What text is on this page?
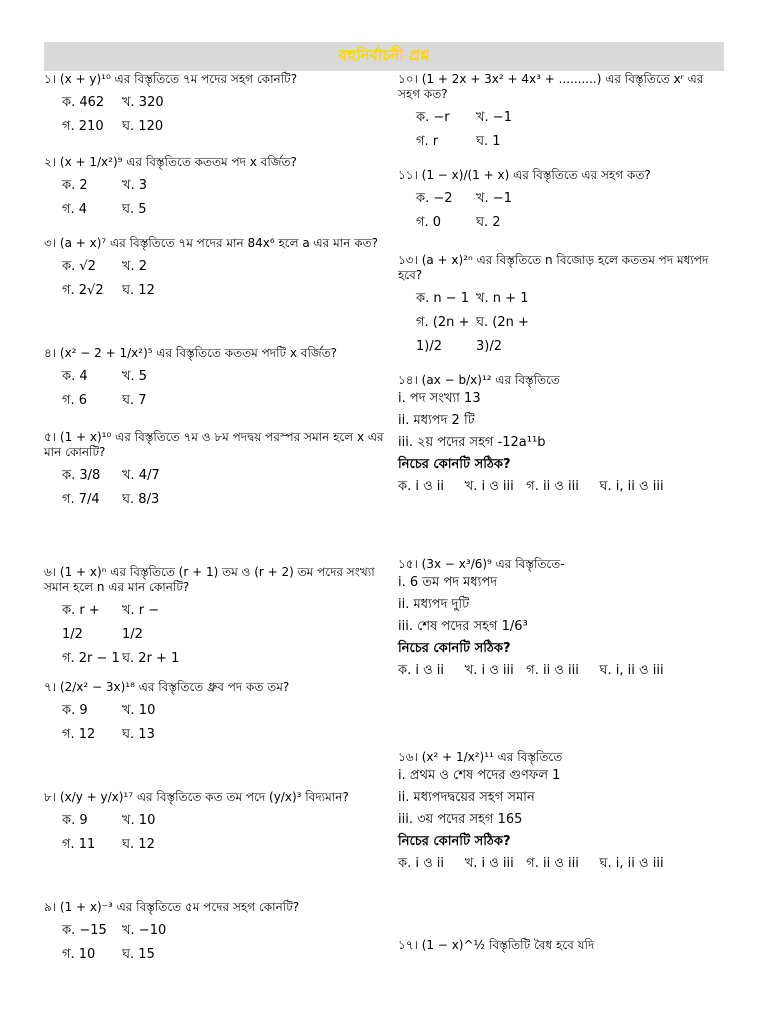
বহুনির্বাচনী প্রশ্ন

১। (x + y)¹⁰ এর বিস্তৃতিতে ৭ম পদের সহগ কোনটি?

ক. 462	খ. 320
গ. 210	ঘ. 120

২। (x + 1/x²)⁹ এর বিস্তৃতিতে কততম পদ x বর্জিত?

ক. 2	খ. 3
গ. 4	ঘ. 5

৩। (a + x)⁷ এর বিস্তৃতিতে ৭ম পদের মান 84x⁶ হলে a এর মান কত?

ক. √2	খ. 2
গ. 2√2	ঘ. 12

৪। (x² − 2 + 1/x²)⁵ এর বিস্তৃতিতে কততম পদটি x বর্জিত?

ক. 4	খ. 5
গ. 6	ঘ. 7

৫। (1 + x)¹⁰ এর বিস্তৃতিতে ৭ম ও ৮ম পদদ্বয় পরস্পর সমান হলে x এর মান কোনটি?

ক. 3/8	খ. 4/7
গ. 7/4	ঘ. 8/3

৬। (1 + x)ⁿ এর বিস্তৃতিতে (r + 1) তম ও (r + 2) তম পদের সংখ্যা সমান হলে n এর মান কোনটি?

ক. r + 1/2
খ. r − 1/2
গ. 2r − 1 ঘ. 2r + 1

৭। (2/x² − 3x)¹⁸ এর বিস্তৃতিতে ধ্রুব পদ কত তম?

ক. 9	খ. 10
গ. 12	ঘ. 13

৮। (x/y + y/x)¹⁷ এর বিস্তৃতিতে কত তম পদে (y/x)³ বিদ্যমান?

ক. 9	খ. 10
গ. 11	ঘ. 12

৯। (1 + x)⁻³ এর বিস্তৃতিতে ৫ম পদের সহগ কোনটি?

ক. −15	খ. −10
গ. 10	ঘ. 15

১০। (1 + 2x + 3x² + 4x³ + ..........) এর বিস্তৃতিতে xʳ এর সহগ কত?

ক. −r	খ. −1
গ. r	ঘ. 1

১১। (1 − x)/(1 + x) এর বিস্তৃতিতে এর সহগ কত?

ক. −2	খ. −1
গ. 0	ঘ. 2

১৩। (a + x)²ⁿ এর বিস্তৃতিতে n বিজোড় হলে কততম পদ মধ্যপদ হবে?

ক. n − 1 খ. n + 1
গ. (2n + 1)/2
ঘ. (2n + 3)/2

১৪। (ax − b/x)¹² এর বিস্তৃতিতে

i. পদ সংখ্যা 13
ii. মধ্যপদ 2 টি
iii. ২য় পদের সহগ -12a¹¹b
নিচের কোনটি সঠিক?
ক. i ও ii     খ. i ও iii   গ. ii ও iii     ঘ. i, ii ও iii

১৫। (3x − x³/6)⁹ এর বিস্তৃতিতে-

i. 6 তম পদ মধ্যপদ
ii. মধ্যপদ দুটি
iii. শেষ পদের সহগ 1/6³
নিচের কোনটি সঠিক?
ক. i ও ii     খ. i ও iii   গ. ii ও iii     ঘ. i, ii ও iii

১৬। (x² + 1/x²)¹¹ এর বিস্তৃতিতে

i. প্রথম ও শেষ পদের গুণফল 1
ii. মধ্যপদদ্বয়ের সহগ সমান
iii. ৩য় পদের সহগ 165
নিচের কোনটি সঠিক?
ক. i ও ii     খ. i ও iii   গ. ii ও iii     ঘ. i, ii ও iii

১৭। (1 − x)^½ বিস্তৃতিটি বৈধ হবে যদি
